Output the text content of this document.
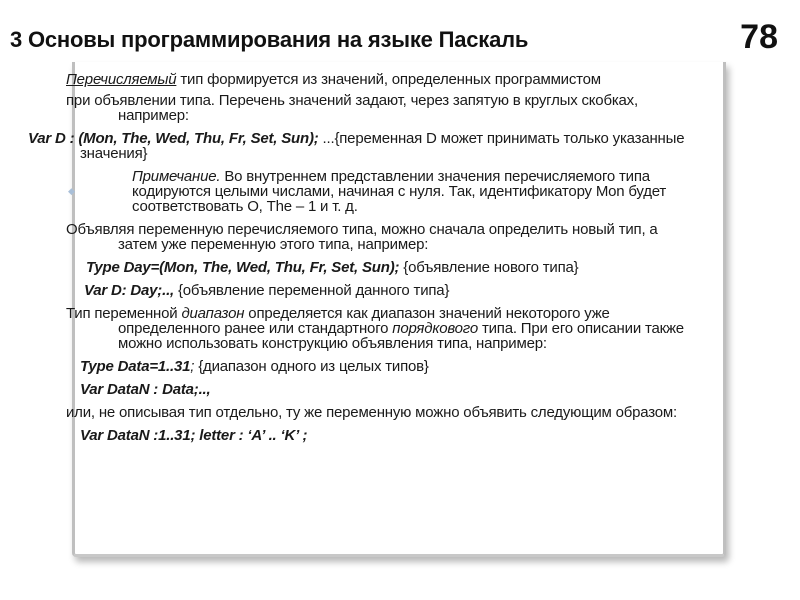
3 Основы программирования на языке Паскаль	78
◆

Перечисляемый тип формируется из значений, определенных программистом

при объявлении типа. Перечень значений задают, через запятую в круглых скобках, например:

Var D : (Mon, The, Wed, Thu, Fr, Set, Sun); ...{переменная D может принимать только указанные значения}

Примечание. Во внутреннем представлении значения перечисляемого типа кодируются целыми числами, начиная с нуля. Так, идентификатору Mon будет соответствовать О, The – 1 и т. д.

Объявляя переменную перечисляемого типа, можно сначала определить новый тип, а затем уже переменную этого типа, например:

Type Day=(Mon, The, Wed, Thu, Fr, Set, Sun); {объявление нового типа}

Var D: Day;.., {объявление переменной данного типа}

Тип переменной диапазон определяется как диапазон значений некоторого уже определенного ранее или стандартного порядкового типа. При его описании также можно использовать конструкцию объявления типа, например:

Type Data=1..31; {диапазон одного из целых типов}

Var DataN : Data;..,

или, не описывая тип отдельно, ту же переменную можно объявить следующим образом:

Var DataN :1..31; letter : ‘A’ .. ‘K’ ;
